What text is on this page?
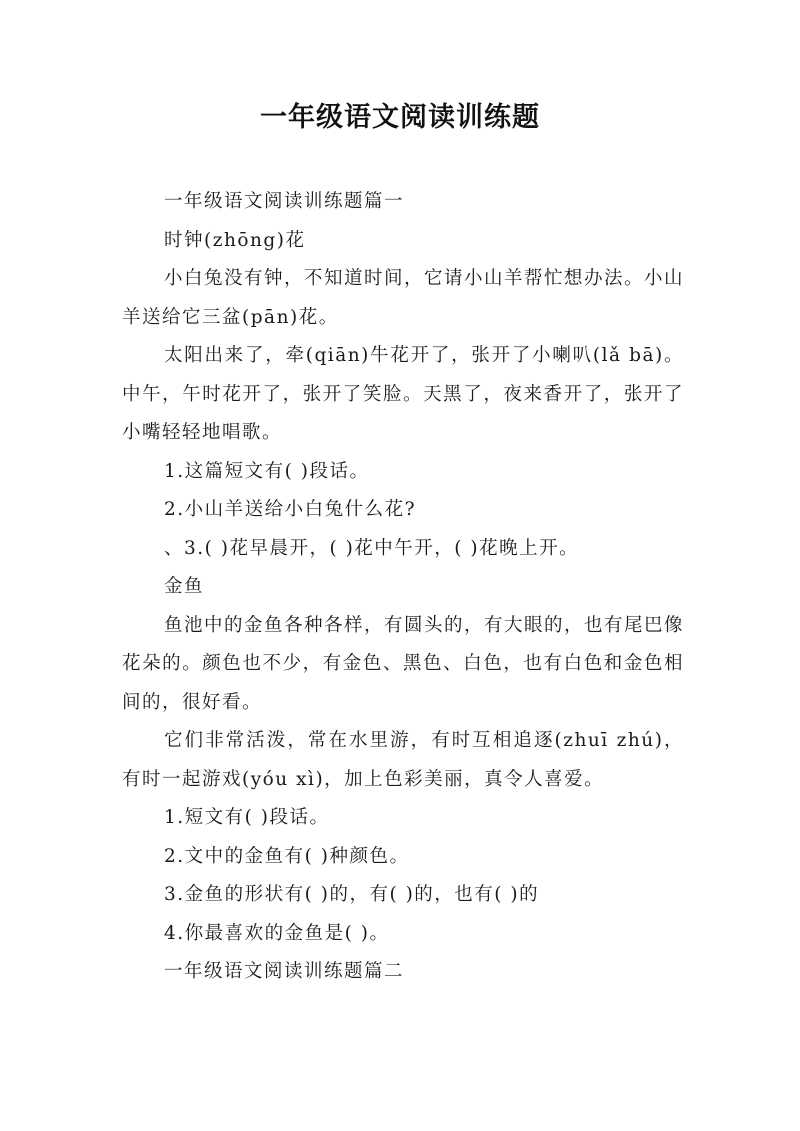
一年级语文阅读训练题

一年级语文阅读训练题篇一

时钟(zhōng)花

小白兔没有钟，不知道时间，它请小山羊帮忙想办法。小山羊送给它三盆(pān)花。

太阳出来了，牵(qiān)牛花开了，张开了小喇叭(lǎ bā)。中午，午时花开了，张开了笑脸。天黑了，夜来香开了，张开了小嘴轻轻地唱歌。

1.这篇短文有( )段话。

2.小山羊送给小白兔什么花?

、3.( )花早晨开，( )花中午开，( )花晚上开。

金鱼

鱼池中的金鱼各种各样，有圆头的，有大眼的，也有尾巴像花朵的。颜色也不少，有金色、黑色、白色，也有白色和金色相间的，很好看。

它们非常活泼，常在水里游，有时互相追逐(zhuī zhú)，有时一起游戏(yóu xì)，加上色彩美丽，真令人喜爱。

1.短文有( )段话。

2.文中的金鱼有( )种颜色。

3.金鱼的形状有( )的，有( )的，也有( )的

4.你最喜欢的金鱼是( )。

一年级语文阅读训练题篇二
